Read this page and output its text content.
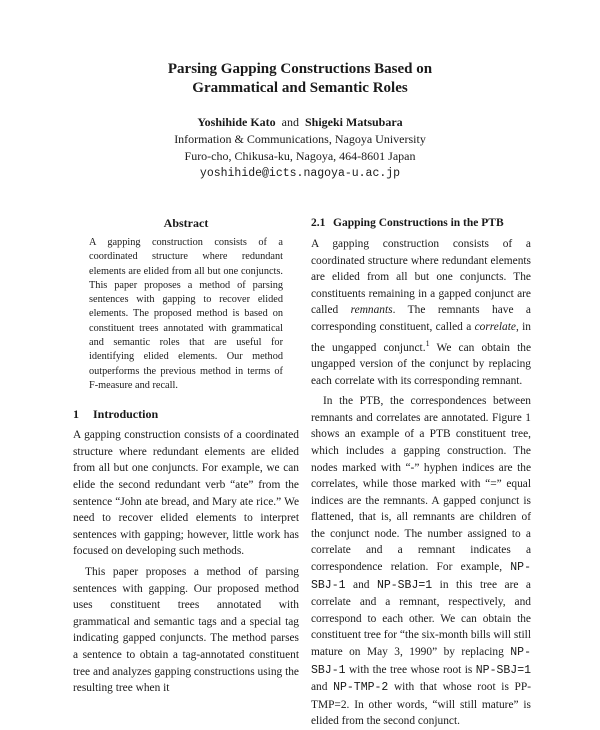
Parsing Gapping Constructions Based on
Grammatical and Semantic Roles
Yoshihide Kato and Shigeki Matsubara
Information & Communications, Nagoya University
Furo-cho, Chikusa-ku, Nagoya, 464-8601 Japan
yoshihide@icts.nagoya-u.ac.jp
Abstract

A gapping construction consists of a coordinated structure where redundant elements are elided from all but one conjuncts. This paper proposes a method of parsing sentences with gapping to recover elided elements. The proposed method is based on constituent trees annotated with grammatical and semantic roles that are useful for identifying elided elements. Our method outperforms the previous method in terms of F-measure and recall.

1 Introduction

A gapping construction consists of a coordinated structure where redundant elements are elided from all but one conjuncts. For example, we can elide the second redundant verb “ate” from the sentence “John ate bread, and Mary ate rice.” We need to recover elided elements to interpret sentences with gapping; however, little work has focused on developing such methods.

This paper proposes a method of parsing sentences with gapping. Our proposed method uses constituent trees annotated with grammatical and semantic tags and a special tag indicating gapped conjuncts. The method parses a sentence to obtain a tag-annotated constituent tree and analyzes gapping constructions using the resulting tree when it

2.1 Gapping Constructions in the PTB

A gapping construction consists of a coordinated structure where redundant elements are elided from all but one conjuncts. The constituents remaining in a gapped conjunct are called remnants. The remnants have a corresponding constituent, called a correlate, in the ungapped conjunct.$^1$ We can obtain the ungapped version of the conjunct by replacing each correlate with its corresponding remnant.

In the PTB, the correspondences between remnants and correlates are annotated. Figure 1 shows an example of a PTB constituent tree, which includes a gapping construction. The nodes marked with “-” hyphen indices are the correlates, while those marked with “=” equal indices are the remnants. A gapped conjunct is flattened, that is, all remnants are children of the conjunct node. The number assigned to a correlate and a remnant indicates a correspondence relation. For example, NP-SBJ-1 and NP-SBJ=1 in this tree are a correlate and a remnant, respectively, and correspond to each other. We can obtain the constituent tree for “the six-month bills will still mature on May 3, 1990” by replacing NP-SBJ-1 with the tree whose root is NP-SBJ=1 and NP-TMP-2 with that whose root is PP-TMP=2. In other words, “will still mature” is elided from the second conjunct.
